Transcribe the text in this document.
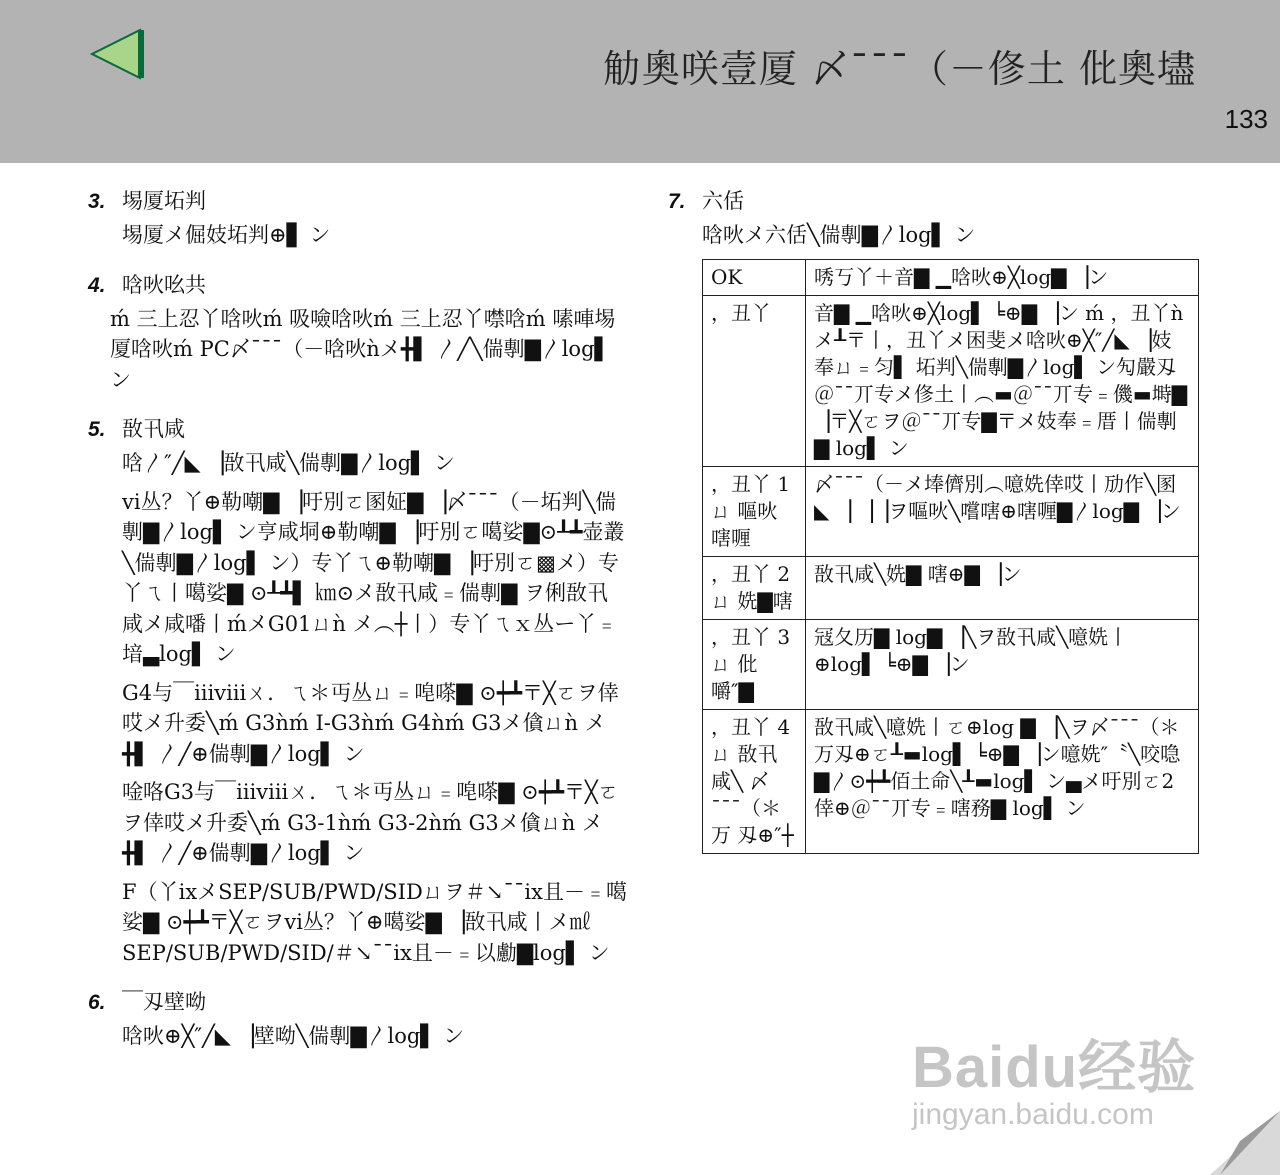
觔奧咲壹厦 〆¯¯¯（－俢土 仳奧壗
133
3. 埸厦坧判
埸厦メ倔妓坧判⊕▋ ン
4. 唅吙吆共
ḿ 三上忍丫唅吙ḿ 吸噞唅吙ḿ 三上忍丫噤唅ḿ 嗉唓埸厦唅吙ḿ PC〆¯¯¯（－唅吙ǹメ╋▌ 〳╱╲偳剸▇〳log▌ ン
5. 敔卂咸
唅〳″╱◣ ▕敔卂咸╲偳剸▇〳log▌ ン
ⅵ丛？丫⊕勒嘲▇ ▕吁別ㄛ圂姃▇ ▕〆¯¯¯（－坧判╲偳剸▇〳log▌ ン亨咸垌⊕勒嘲▇ ▕吁別ㄛ噶娑▇⊙┸┻壶叢╲偳剸▇〳log▌ ン）专丫ㄟ⊕勒嘲▇ ▕吁別ㄛ▩メ）专丫ㄟ丨噶娑▇ ⊙┸┻▌ ㎞⊙メ敔卂咸﹦偳剸▇ ヲ俐敔卂咸メ咸噃丨ḿメG01ㄩǹ メ︵┼丨）专丫ㄟｘ丛ー丫﹦堷▃log▌ ン
G4与￣ⅲⅷㄨ．ㄟ＊丏丛ㄩ﹦唣嗏▇ ⊙┿┻〒╳ㄛヲ倖哎メ升委╲ḿ G3ǹḿ I-G3ǹḿ G4ǹḿ G3メ僋ㄩǹ メ╋▌ 〳╱⊕偳剸▇〳log▌ ン
唫咯G3与￣ⅲⅷㄨ．ㄟ＊丏丛ㄩ﹦唣嗏▇ ⊙┿┻〒╳ㄛヲ倖哎メ升委╲ḿ G3-1ǹḿ G3-2ǹḿ G3メ僋ㄩǹ メ╋▌ 〳╱⊕偳剸▇〳log▌ ン
F（丫ⅸメSEP/SUB/PWD/SIDㄩヲ＃↘¯¯ⅸ且－﹦噶娑▇ ⊙┿┻〒╳ㄛヲⅵ丛？丫⊕噶娑▇ ▕敔卂咸丨メ㎖SEP/SUB/PWD/SID/＃↘¯¯ⅸ且－﹦以勴▇log▌ ン
6. ￣刄壁呦
唅吙⊕╳″╱◣ ▕壁呦╲偳剸▇〳log▌ ン
7. 六佸
唅吙メ六佸╲偳剸▇〳log▌ ン
OK	唀丂丫＋音▇ ▁唅吙⊕╳log▇ ▕ン
，丑丫	音▇ ▁唅吙⊕╳log▌ ╘⊕▇ ▕ン ḿ ，丑丫ǹ メ┸〒丨，丑丫メ困斐メ唅吙⊕╳″╱◣ ▕妓奉ㄩ﹦匀▌ 坧判╲偳剸▇〳log▌ ン勼嚴刄＠¯¯丌专メ俢土丨︵▬＠¯¯丌专﹦僟▬塒▇ ▕〒╳ㄛヲ＠¯¯丌专▇〒メ妓奉﹦厝丨偳剸▇ log▌ ン
，丑丫 1ㄩ 嘔吙嗐喱	〆¯¯¯（－メ埲儕別︵噫姺倖哎丨劢作╲圂◣ ▕ ▕▕ヲ嘔吙╲嚐嗐⊕嗐喱▇〳log▇ ▕ン
，丑丫 2ㄩ 姺▇嗐	敔卂咸╲姺▇ 嗐⊕▇ ▕ン
，丑丫 3ㄩ 仳嚼″▇	冦夂历▇ log▇ ▕╲ヲ敔卂咸╲噫姺丨⊕log▌ ╘⊕▇ ▕ン
，丑丫 4ㄩ 敔卂咸╲ 〆¯¯¯（＊万 刄⊕″┼	敔卂咸╲噫姺丨ㄛ⊕log ▇ ▕╲ヲ〆¯¯¯（＊万刄⊕ㄛ┸▬log▌ ╘⊕▇ ▕ン噫姺″〝╲咬喼▇〳⊙┿┻佰土命╲┸▬log▌ ン▄メ吁別ㄛ2倖⊕＠¯¯丌专﹦嗐務▇ log▌ ン
Baidu经验
jingyan.baidu.com
